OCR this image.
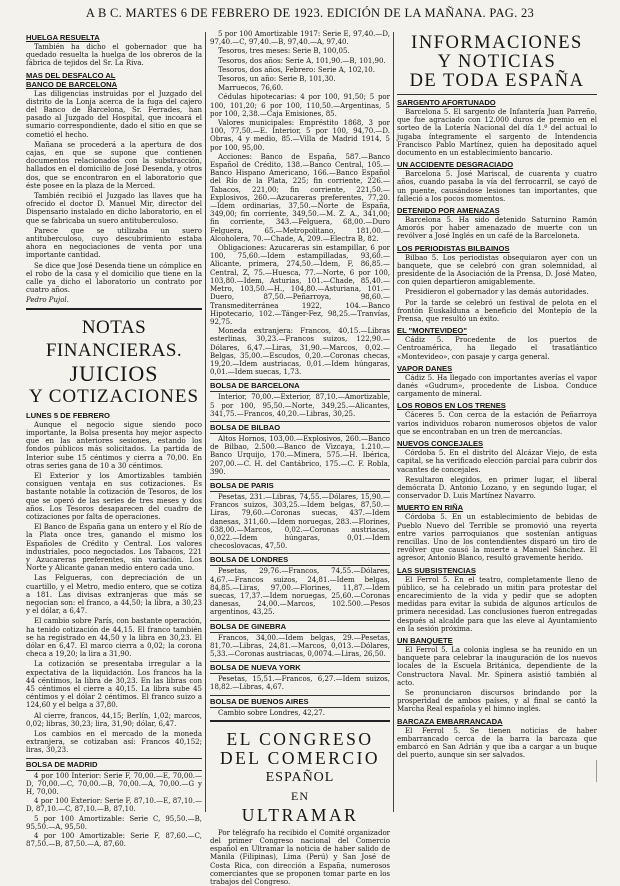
A B C. MARTES 6 DE FEBRERO DE 1923. EDICIÓN DE LA MAÑANA. PAG. 23
HUELGA RESUELTA

También ha dicho el gobernador que ha quedado resuelta la huelga de los obreros de la fábrica de tejidos del Sr. La Riva.

MAS DEL DESFALCO AL
BANCO DE BARCELONA

Las diligencias instruidas por el Juzgado del distrito de la Lonja acerca de la fuga del cajero del Banco de Barcelona, Sr. Ferrades, han pasado al Juzgado del Hospital, que incoará el sumario correspondiente, dado el sitio en que se cometió el hecho.

Mañana se procederá a la apertura de dos cajas, en que se supone que contienen documentos relacionados con la substracción, hallados en el domicilio de José Desenda, y otros dos, que se encontraron en el laboratorio que éste posee en la plaza de la Merced.

También recibió el Juzgado las llaves que ha ofrecido el doctor D. Manuel Mir, director del Dispensario instalado en dicho laboratorio, en el que se fabricaba un suero antituberculoso.

Parece que se utilizaba un suero antituberculoso, cuyo descubrimiento estaba ahora en negociaciones de venta por una importante cantidad.

Se dice que José Desenda tiene un cómplice en el robo de la casa y el domicilio que tiene en la calle ya dicho el laboratorio un contrato por cuatro años.

Pedro Pujol.

NOTAS FINANCIERAS.
JUICIOS
Y COTIZACIONES
LUNES 5 DE FEBRERO

Aunque el negocio sigue siendo poco importante, la Bolsa presenta hoy mejor aspecto que en las anteriores sesiones, estando los fondos públicos más solicitados. La partida de Interior sube 15 céntimos y cierra a 70,00. En otras series gana de 10 a 30 céntimos.

El Exterior y los Amortizables también consiguen ventaja en sus cotizaciones. Es bastante notable la cotización de Tesoros, de los que se operó de las series de tres meses y dos años. Los Tesoros desaparecen del cuadro de cotizaciones por falta de operaciones.

El Banco de España gana un entero y el Río de la Plata once tres, ganando el mismo los Españoles de Crédito y Central. Los valores industriales, poco negociados. Los Tabacos, 221 y Azucareras preferentes, sin variación. Los Norte y Alicante ganan medio entero cada uno.

Las Felgueras, con depreciación de un cuartillo, y el Metro, medio entero, que se cotiza a 181. Las divisas extranjeras que más se negocian son: el franco, a 44,50; la libra, a 30,23 y el dólar, a 6,47.

El cambio sobre París, con bastante operación, ha tenido cotización de 44,15. El franco también se ha registrado en 44,50 y la libra en 30,23. El dólar en 6,47. El marco cierra a 0,02; la corona checa a 19,20; la lira a 31,90.

La cotización se presentaba irregular a la expectativa de la liquidación. Los francos ha la 44 céntimos, la libra de 30,23. En las libras con 45 céntimos el cierre a 40,15. La libra sube 45 céntimos y el dólar 2 céntimos. El franco suizo a 124,60 y el belga a 37,80.

Al cierre, francos, 44,15; Berlín, 1,02; marcos, 0,02; libras, 30,23; lira, 31,90; dólar, 6,47.

Los cambios en el mercado de la moneda extranjera, se cotizaban así: Francos 40,152; liras, 30,23.

BOLSA DE MADRID

4 por 100 Interior: Serie F, 70,00.—E, 70,00.—D, 70,00.—C, 70,00.—B, 70,00.—A, 70,00.—G y H, 70,00.

4 por 100 Exterior: Serie F, 87,10.—E, 87,10.—D, 87,10.—C, 87,10.—B, 87,10.

5 por 100 Amortizable: Serie C, 95,50.—B, 95,50.—A, 95,50.

4 por 100 Amortizable: Serie F, 87,60.—C, 87,50.—B, 87,50.—A, 87,60.

5 por 100 Amortizable 1917: Serie E, 97,40.—D, 97,40.—C, 97,40.—B, 97,40.—A, 97,40.

Tesoros, tres meses: Serie B, 100,05.

Tesoros, dos años: Serie A, 101,90.—B, 101,90.

Tesoros, dos años, Febrero: Serie A, 102,10.

Tesoros, un año: Serie B, 101,30.

Marruecos, 76,60.

Cédulas hipotecarias: 4 por 100, 91,50; 5 por 100, 101,20; 6 por 100, 110,50.—Argentinas, 5 por 100, 2,38.—Caja Emisiones, 85.

Valores municipales: Empréstito 1868, 3 por 100, 77,50.—E. Interior, 5 por 100, 94,70.—D. Obras, 4 y medio, 85.—Villa de Madrid 1914, 5 por 100, 95,00.

Acciones: Banco de España, 587.—Banco Español de Crédito, 138.—Banco Central, 105.—Banco Hispano Americano, 166.—Banco Español del Río de la Plata, 225; fin corriente, 226.—Tabacos, 221,00; fin corriente, 221,50.—Explosivos, 260.—Azucareras preferentes, 77,20.—Idem ordinarias, 37,50.—Norte de España, 349,00; fin corriente, 349,50.—M. Z. A., 341,00; fin corriente, 343.—Felguera, 68,00.—Duro Felguera, 65.—Metropolitano, 181,00.—Alcoholera, 70.—Chade, A, 209.—Electra B, 82.

Obligaciones: Azucareras sin estampillar, 6 por 100, 75,60.—Idem estampilladas, 93,60.—Alicante, primera, 274,50.—Idem, F, 86,85.—Central, Z, 75.—Huesca, 77.—Norte, 6 por 100, 103,80.—Idem, Asturias, 101.—Chade, 85,40.—Metro, 103,50.—H., 104,80.—Asturiana, 101.—Duero, 87,50.—Peñarroya, 98,60.—Transmediterránea 1922, 104.—Banco Hipotecario, 102.—Tánger-Fez, 98,25.—Tranvías, 92,75.

Moneda extranjera: Francos, 40,15.—Libras esterlinas, 30,23.—Francos suizos, 122,90.—Dólares, 6,47.—Liras, 31,90.—Marcos, 0,02.—Belgas, 35,00.—Escudos, 0,20.—Coronas checas, 19,20.—Idem austriacas, 0,01.—Idem húngaras, 0,01.—Idem suecas, 1,73.

BOLSA DE BARCELONA

Interior, 70,00.—Exterior, 87,10.—Amortizable, 5 por 100, 95,50.—Norte, 349,25.—Alicantes, 341,75.—Francos, 40,20.—Libras, 30,25.

BOLSA DE BILBAO

Altos Hornos, 103,00.—Explosivos, 260.—Banco de Bilbao, 2.500.—Banco de Vizcaya, 1.210.—Banco Urquijo, 170.—Minera, 575.—H. Ibérica, 207,00.—C. H. del Cantábrico, 175.—C. F. Robla, 390.

BOLSA DE PARIS

Pesetas, 231.—Libras, 74,55.—Dólares, 15,90.—Francos suizos, 303,25.—Idem belgas, 87,50.—Liras, 79,60.—Coronas suecas, 437.—Idem danesas, 311,60.—Idem noruegas, 283.—Florines, 638,00.—Marcos, 0,02.—Coronas austriacas, 0,022.—Idem húngaras, 0,01.—Idem checoslovacas, 47,50.

BOLSA DE LONDRES

Pesetas, 29,76.—Francos, 74,55.—Dólares, 4,67.—Francos suizos, 24,81.—Idem belgas, 84,85.—Liras, 97,00.—Florines, 11,87.—Idem suecas, 17,37.—Idem noruegas, 25,60.—Coronas danesas, 24,00.—Marcos, 102.500.—Pesos argentinos, 43,25.

BOLSA DE GINEBRA

Francos, 34,00.—Idem belgas, 29.—Pesetas, 81,70.—Libras, 24,81.—Marcos, 0,013.—Dólares, 5,33.—Coronas austriacas, 0,0074.—Liras, 26,50.

BOLSA DE NUEVA YORK

Pesetas, 15,51.—Francos, 6,27.—Idem suizos, 18,82.—Libras, 4,67.

BOLSA DE BUENOS AIRES

Cambio sobre Londres, 42,27.

EL CONGRESO
DEL COMERCIO
ESPAÑOL
EN
ULTRAMAR

Por telégrafo ha recibido el Comité organizador del primer Congreso nacional del Comercio español en Ultramar la noticia de haber salido de Manila (Filipinas), Lima (Perú) y San José de Costa Rica, con dirección a España, numerosos comerciantes que se proponen tomar parte en los trabajos del Congreso.

INFORMACIONES
Y NOTICIAS
DE TODA ESPAÑA
SARGENTO AFORTUNADO

Barcelona 5. El sargento de Infantería Juan Parreño, que fue agraciado con 12.000 duros de premio en el sorteo de la Lotería Nacional del día 1.º del actual lo jugaba íntegramente el sargento de Intendencia Francisco Pablo Martínez, quien ha depositado aquel documento en un establecimiento bancario.

UN ACCIDENTE DESGRACIADO

Barcelona 5. José Mariscal, de cuarenta y cuatro años, cuando pasaba la vía del ferrocarril, se cayó de un puente, causándose lesiones tan importantes, que falleció a los pocos momentos.

DETENIDO POR AMENAZAS

Barcelona 5. Ha sido detenido Saturnino Ramón Amorós por haber amenazado de muerte con un revólver a José Inglés en un café de la Barceloneta.

LOS PERIODISTAS BILBAINOS

Bilbao 5. Los periodistas obsequiaron ayer con un banquete, que se celebró con gran solemnidad, al presidente de la Asociación de la Prensa, D. José Mateo, con quien departieron amigablemente.

Presidieron el gobernador y las demás autoridades.

Por la tarde se celebró un festival de pelota en el frontón Euskalduna a beneficio del Montepío de la Prensa, que resultó un éxito.

EL "MONTEVIDEO"

Cádiz 5. Procedente de los puertos de Centroamérica, ha llegado el trasatlántico «Montevideo», con pasaje y carga general.

VAPOR DANES

Cádiz 5. Ha llegado con importantes averías el vapor danés «Gudrum», procedente de Lisboa. Conduce cargamento de mineral.

LOS ROBOS EN LOS TRENES

Cáceres 5. Con cerca de la estación de Peñarroya varios individuos robaron numerosos objetos de valor que se encontraban en un tren de mercancías.

NUEVOS CONCEJALES

Córdoba 5. En el distrito del Alcázar Viejo, de esta capital, se ha verificado elección parcial para cubrir dos vacantes de concejales.

Resultaron elegidos, en primer lugar, el liberal demócrata D. Antonio Lozano, y en segundo lugar, el conservador D. Luis Martínez Navarro.

MUERTO EN RIÑA

Córdoba 5. En un establecimiento de bebidas de Pueblo Nuevo del Terrible se promovió una reyerta entre varios parroquianos que sostenían antiguas rencillas. Uno de los contendientes disparó un tiro de revólver que causó la muerte a Manuel Sánchez. El agresor, Antonio Blanco, resultó gravemente herido.

LAS SUBSISTENCIAS

El Ferrol 5. En el teatro, completamente lleno de público, se ha celebrado un mitin para protestar del encarecimiento de la vida y pedir que se adopten medidas para evitar la subida de algunos artículos de primera necesidad. Las conclusiones fueron entregadas después al alcalde para que las eleve al Ayuntamiento en la sesión próxima.

UN BANQUETE

El Ferrol 5. La colonia inglesa se ha reunido en un banquete para celebrar la inauguración de los nuevos locales de la Escuela Británica, dependiente de la Constructora Naval. Mr. Spinera asistió también al acto.

Se pronunciaron discursos brindando por la prosperidad de ambos países, y al final se cantó la Marcha Real española y el himno inglés.

BARCAZA EMBARRANCADA

El Ferrol 5. Se tienen noticias de haber embarrancado cerca de la barra la barcaza que embarcó en San Adrián y que iba a cargar a un buque del puerto, aunque sin ser salvados.
